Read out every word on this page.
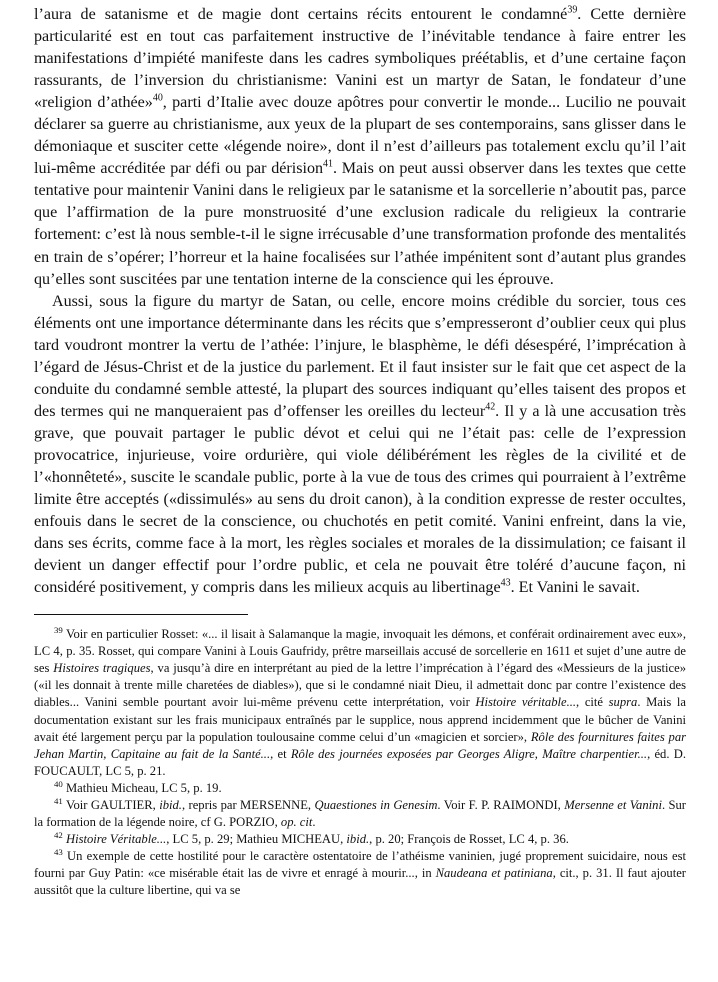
l’aura de satanisme et de magie dont certains récits entourent le condamné$^{39}$. Cette dernière particularité est en tout cas parfaitement instructive de l’inévitable tendance à faire entrer les manifestations d’impiété manifeste dans les cadres symboliques préétablis, et d’une certaine façon rassurants, de l’inversion du christianisme: Vanini est un martyr de Satan, le fondateur d’une «religion d’athée»$^{40}$, parti d’Italie avec douze apôtres pour convertir le monde... Lucilio ne pouvait déclarer sa guerre au christianisme, aux yeux de la plupart de ses contemporains, sans glisser dans le démoniaque et susciter cette «légende noire», dont il n’est d’ailleurs pas totalement exclu qu’il l’ait lui-même accréditée par défi ou par dérision$^{41}$. Mais on peut aussi observer dans les textes que cette tentative pour maintenir Vanini dans le religieux par le satanisme et la sorcellerie n’aboutit pas, parce que l’affirmation de la pure monstruosité d’une exclusion radicale du religieux la contrarie fortement: c’est là nous semble-t-il le signe irrécusable d’une transformation profonde des mentalités en train de s’opérer; l’horreur et la haine focalisées sur l’athée impénitent sont d’autant plus grandes qu’elles sont suscitées par une tentation interne de la conscience qui les éprouve.

Aussi, sous la figure du martyr de Satan, ou celle, encore moins crédible du sorcier, tous ces éléments ont une importance déterminante dans les récits que s’empresseront d’oublier ceux qui plus tard voudront montrer la vertu de l’athée: l’injure, le blasphème, le défi désespéré, l’imprécation à l’égard de Jésus-Christ et de la justice du parlement. Et il faut insister sur le fait que cet aspect de la conduite du condamné semble attesté, la plupart des sources indiquant qu’elles taisent des propos et des termes qui ne manqueraient pas d’offenser les oreilles du lecteur$^{42}$. Il y a là une accusation très grave, que pouvait partager le public dévot et celui qui ne l’était pas: celle de l’expression provocatrice, injurieuse, voire ordurière, qui viole délibérément les règles de la civilité et de l’«honnêteté», suscite le scandale public, porte à la vue de tous des crimes qui pourraient à l’extrême limite être acceptés («dissimulés» au sens du droit canon), à la condition expresse de rester occultes, enfouis dans le secret de la conscience, ou chuchotés en petit comité. Vanini enfreint, dans la vie, dans ses écrits, comme face à la mort, les règles sociales et morales de la dissimulation; ce faisant il devient un danger effectif pour l’ordre public, et cela ne pouvait être toléré d’aucune façon, ni considéré positivement, y compris dans les milieux acquis au libertinage$^{43}$. Et Vanini le savait.

$^{39}$ Voir en particulier Rosset: «... il lisait à Salamanque la magie, invoquait les démons, et conférait ordinairement avec eux», LC 4, p. 35. Rosset, qui compare Vanini à Louis Gaufridy, prêtre marseillais accusé de sorcellerie en 1611 et sujet d’une autre de ses Histoires tragiques, va jusqu’à dire en interprétant au pied de la lettre l’imprécation à l’égard des «Messieurs de la justice» («il les donnait à trente mille charetées de diables»), que si le condamné niait Dieu, il admettait donc par contre l’existence des diables... Vanini semble pourtant avoir lui-même prévenu cette interprétation, voir Histoire véritable..., cité supra. Mais la documentation existant sur les frais municipaux entraînés par le supplice, nous apprend incidemment que le bûcher de Vanini avait été largement perçu par la population toulousaine comme celui d’un «magicien et sorcier», Rôle des fournitures faites par Jehan Martin, Capitaine au fait de la Santé..., et Rôle des journées exposées par Georges Aligre, Maître charpentier..., éd. D. FOUCAULT, LC 5, p. 21.

$^{40}$ Mathieu Micheau, LC 5, p. 19.

$^{41}$ Voir GAULTIER, ibid., repris par MERSENNE, Quaestiones in Genesim. Voir F. P. RAIMONDI, Mersenne et Vanini. Sur la formation de la légende noire, cf G. PORZIO, op. cit.

$^{42}$ Histoire Véritable..., LC 5, p. 29; Mathieu MICHEAU, ibid., p. 20; François de Rosset, LC 4, p. 36.

$^{43}$ Un exemple de cette hostilité pour le caractère ostentatoire de l’athéisme vaninien, jugé proprement suicidaire, nous est fourni par Guy Patin: «ce misérable était las de vivre et enragé à mourir..., in Naudeana et patiniana, cit., p. 31. Il faut ajouter aussitôt que la culture libertine, qui va se
